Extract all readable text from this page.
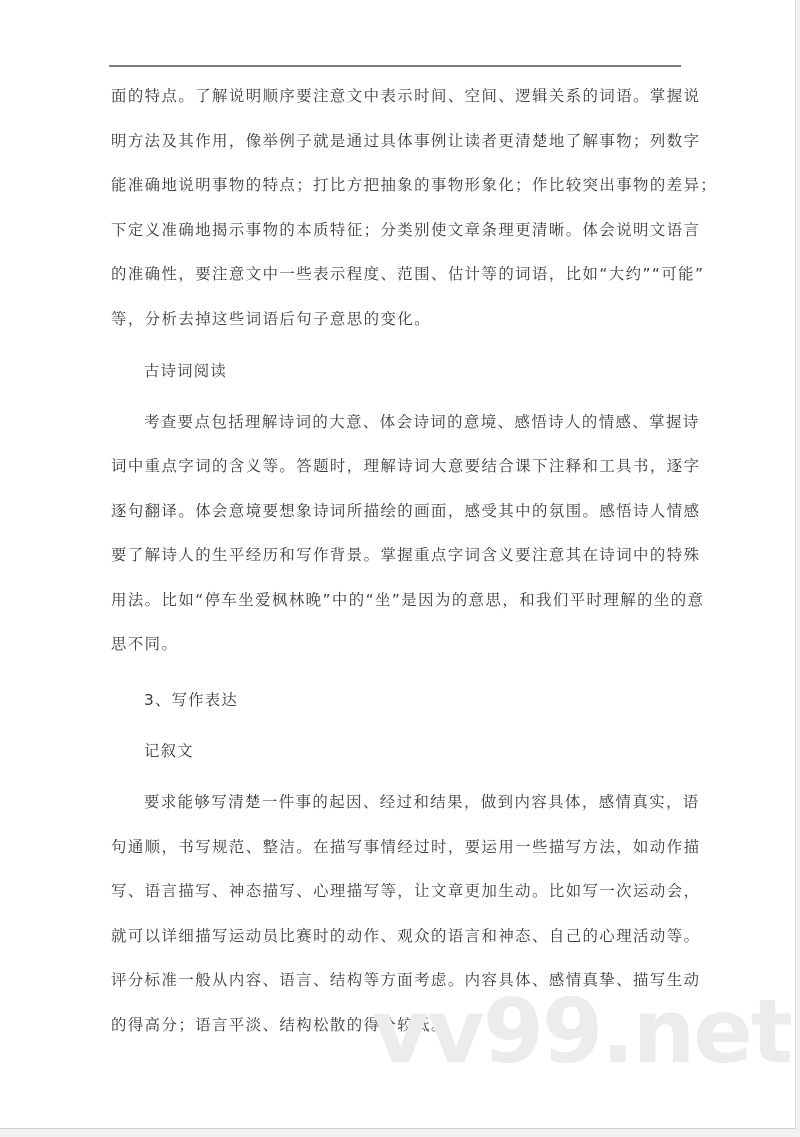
面的特点。了解说明顺序要注意文中表示时间、空间、逻辑关系的词语。掌握说
明方法及其作用，像举例子就是通过具体事例让读者更清楚地了解事物；列数字
能准确地说明事物的特点；打比方把抽象的事物形象化；作比较突出事物的差异；
下定义准确地揭示事物的本质特征；分类别使文章条理更清晰。体会说明文语言
的准确性，要注意文中一些表示程度、范围、估计等的词语，比如“大约”“可能”
等，分析去掉这些词语后句子意思的变化。
古诗词阅读
考查要点包括理解诗词的大意、体会诗词的意境、感悟诗人的情感、掌握诗
词中重点字词的含义等。答题时，理解诗词大意要结合课下注释和工具书，逐字
逐句翻译。体会意境要想象诗词所描绘的画面，感受其中的氛围。感悟诗人情感
要了解诗人的生平经历和写作背景。掌握重点字词含义要注意其在诗词中的特殊
用法。比如“停车坐爱枫林晚”中的“坐”是因为的意思，和我们平时理解的坐的意
思不同。
3、写作表达
记叙文
要求能够写清楚一件事的起因、经过和结果，做到内容具体，感情真实，语
句通顺，书写规范、整洁。在描写事情经过时，要运用一些描写方法，如动作描
写、语言描写、神态描写、心理描写等，让文章更加生动。比如写一次运动会，
就可以详细描写运动员比赛时的动作、观众的语言和神态、自己的心理活动等。
评分标准一般从内容、语言、结构等方面考虑。内容具体、感情真挚、描写生动
的得高分；语言平淡、结构松散的得分较低。
vv99.net
